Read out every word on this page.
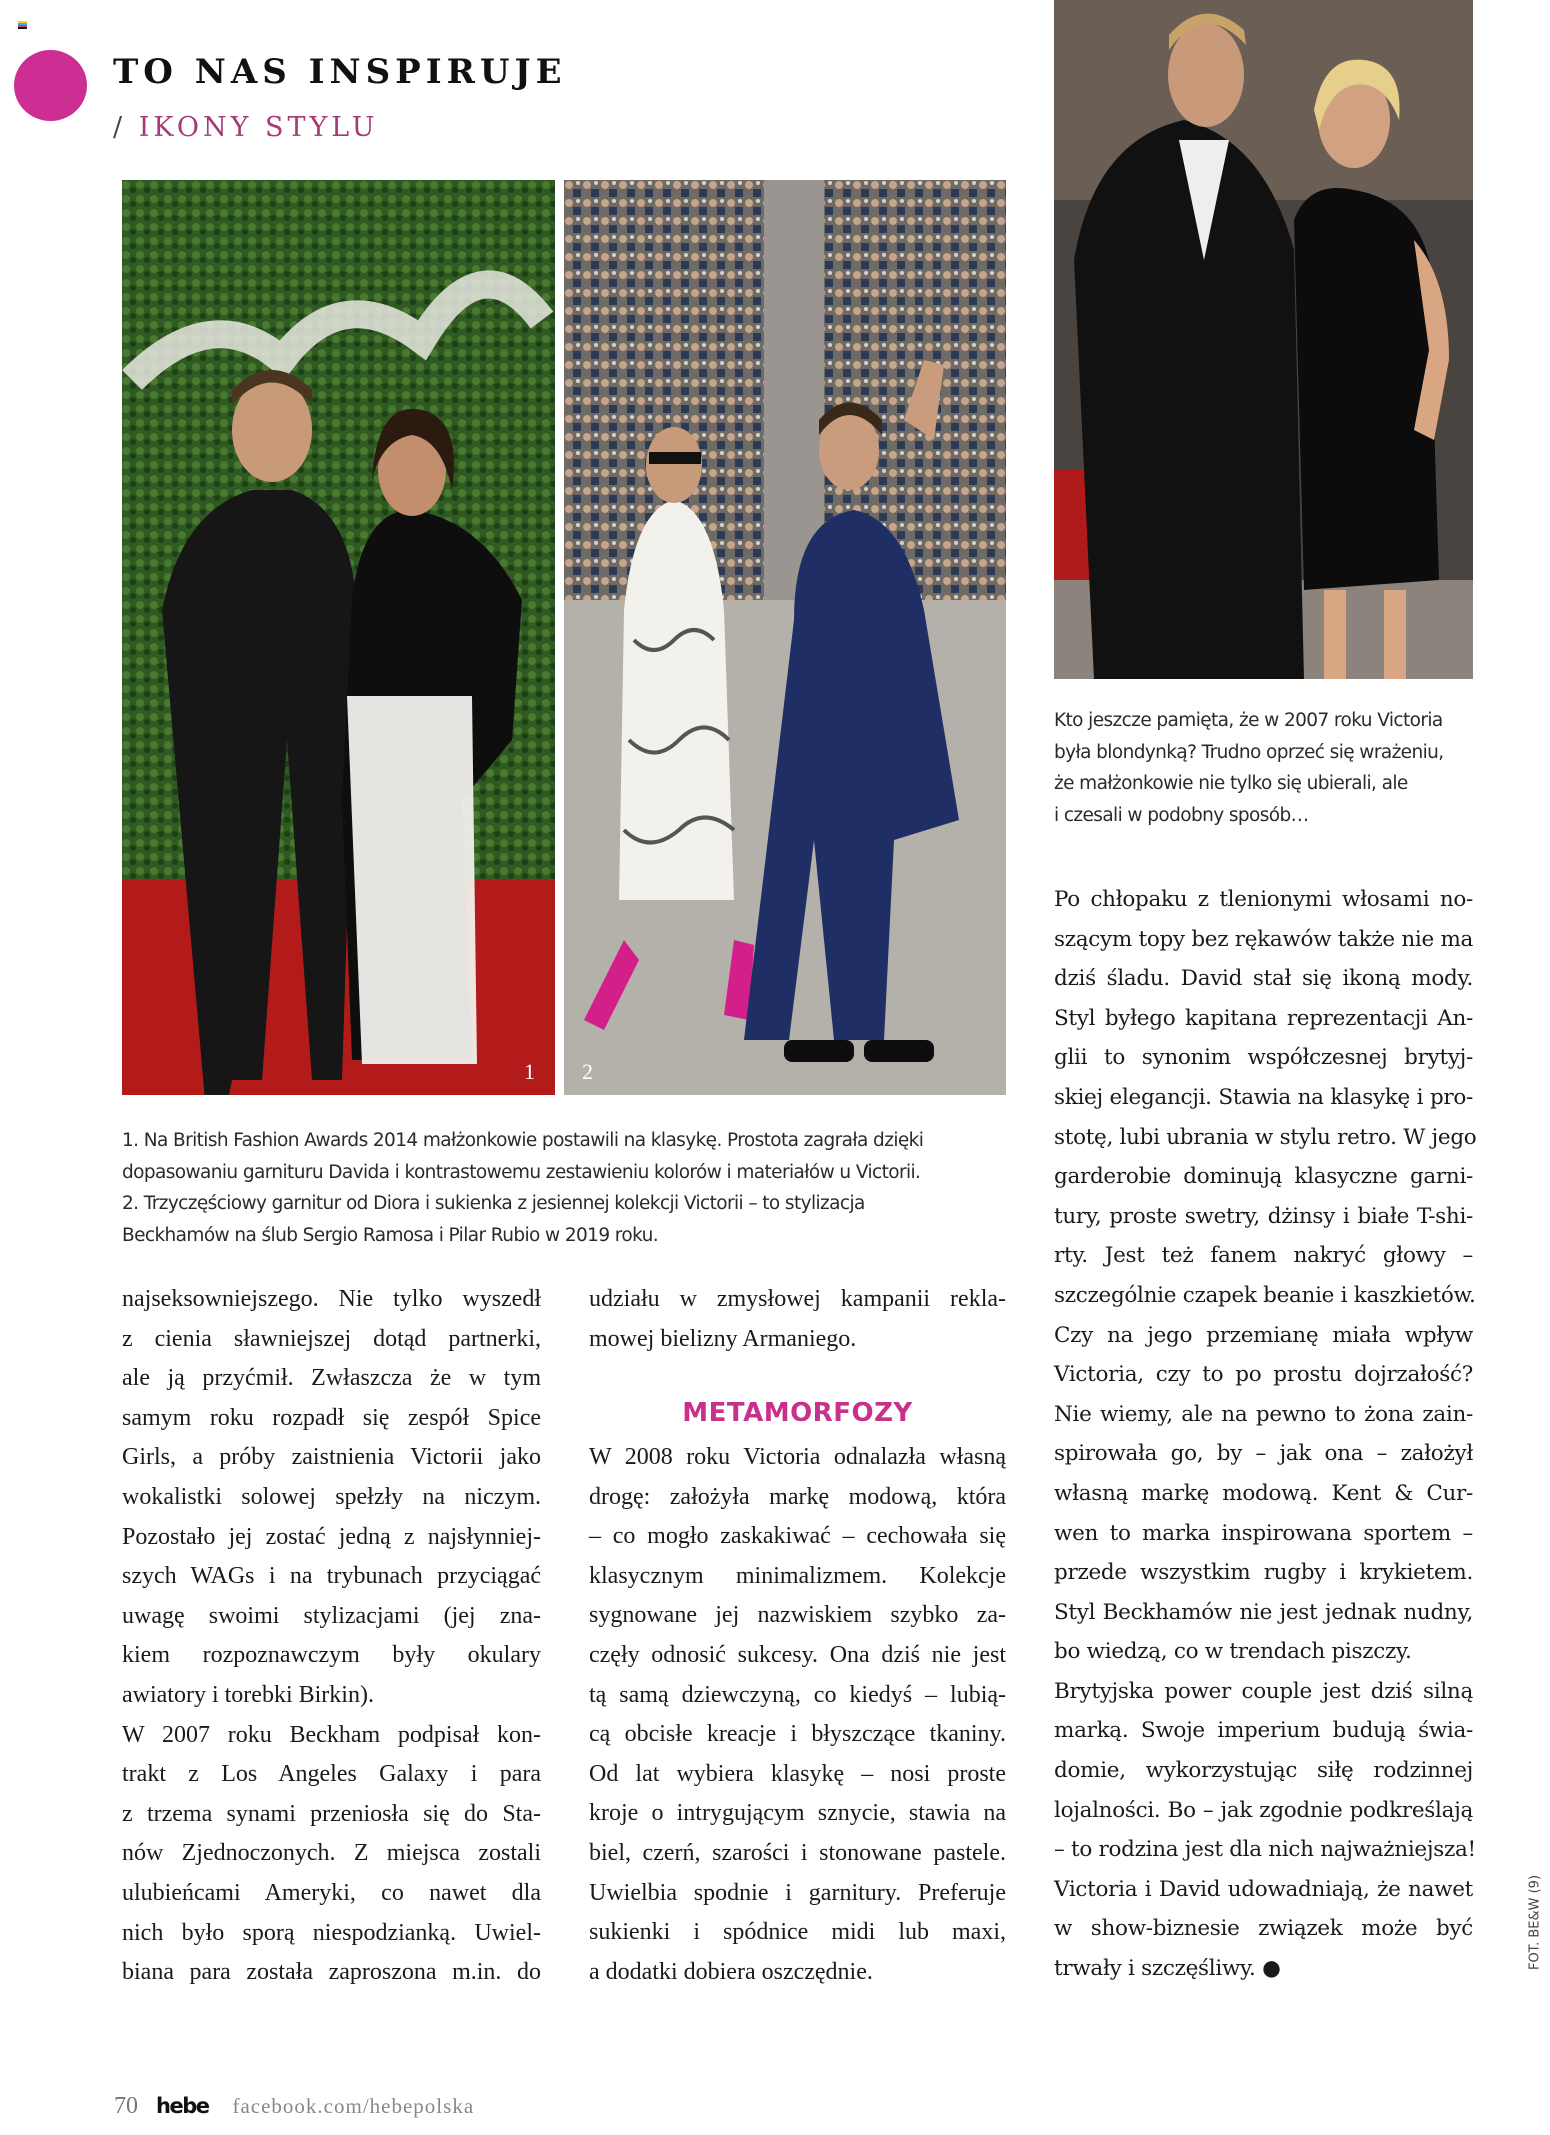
TO NAS INSPIRUJE
/ IKONY STYLU
1 2
Kto jeszcze pamięta, że w 2007 roku Victoria
była blondynką? Trudno oprzeć się wrażeniu,
że małżonkowie nie tylko się ubierali, ale
i czesali w podobny sposób…
1. Na British Fashion Awards 2014 małżonkowie postawili na klasykę. Prostota zagrała dzięki
dopasowaniu garnituru Davida i kontrastowemu zestawieniu kolorów i materiałów u Victorii.
2. Trzyczęściowy garnitur od Diora i sukienka z jesiennej kolekcji Victorii – to stylizacja
Beckhamów na ślub Sergio Ramosa i Pilar Rubio w 2019 roku.
najseksowniejszego. Nie tylko wyszedł
z cienia sławniejszej dotąd partnerki,
ale ją przyćmił. Zwłaszcza że w tym
samym roku rozpadł się zespół Spice
Girls, a próby zaistnienia Victorii jako
wokalistki solowej spełzły na niczym.
Pozostało jej zostać jedną z najsłynniej-
szych WAGs i na trybunach przyciągać
uwagę swoimi stylizacjami (jej zna-
kiem rozpoznawczym były okulary
awiatory i torebki Birkin).
W 2007 roku Beckham podpisał kon-
trakt z Los Angeles Galaxy i para
z trzema synami przeniosła się do Sta-
nów Zjednoczonych. Z miejsca zostali
ulubieńcami Ameryki, co nawet dla
nich było sporą niespodzianką. Uwiel-
biana para została zaproszona m.in. do
udziału w zmysłowej kampanii rekla-
mowej bielizny Armaniego.
METAMORFOZY
W 2008 roku Victoria odnalazła własną
drogę: założyła markę modową, która
– co mogło zaskakiwać – cechowała się
klasycznym minimalizmem. Kolekcje
sygnowane jej nazwiskiem szybko za-
częły odnosić sukcesy. Ona dziś nie jest
tą samą dziewczyną, co kiedyś – lubią-
cą obcisłe kreacje i błyszczące tkaniny.
Od lat wybiera klasykę – nosi proste
kroje o intrygującym sznycie, stawia na
biel, czerń, szarości i stonowane pastele.
Uwielbia spodnie i garnitury. Preferuje
sukienki i spódnice midi lub maxi,
a dodatki dobiera oszczędnie.
Po chłopaku z tlenionymi włosami no-
szącym topy bez rękawów także nie ma
dziś śladu. David stał się ikoną mody.
Styl byłego kapitana reprezentacji An-
glii to synonim współczesnej brytyj-
skiej elegancji. Stawia na klasykę i pro-
stotę, lubi ubrania w stylu retro. W jego
garderobie dominują klasyczne garni-
tury, proste swetry, dżinsy i białe T-shi-
rty. Jest też fanem nakryć głowy –
szczególnie czapek beanie i kaszkietów.
Czy na jego przemianę miała wpływ
Victoria, czy to po prostu dojrzałość?
Nie wiemy, ale na pewno to żona zain-
spirowała go, by – jak ona – założył
własną markę modową. Kent & Cur-
wen to marka inspirowana sportem –
przede wszystkim rugby i krykietem.
Styl Beckhamów nie jest jednak nudny,
bo wiedzą, co w trendach piszczy.
Brytyjska power couple jest dziś silną
marką. Swoje imperium budują świa-
domie, wykorzystując siłę rodzinnej
lojalności. Bo – jak zgodnie podkreślają
– to rodzina jest dla nich najważniejsza!
Victoria i David udowadniają, że nawet
w show-biznesie związek może być
trwały i szczęśliwy. ●
70 hebe facebook.com/hebepolska
FOT. BE&W (9)
